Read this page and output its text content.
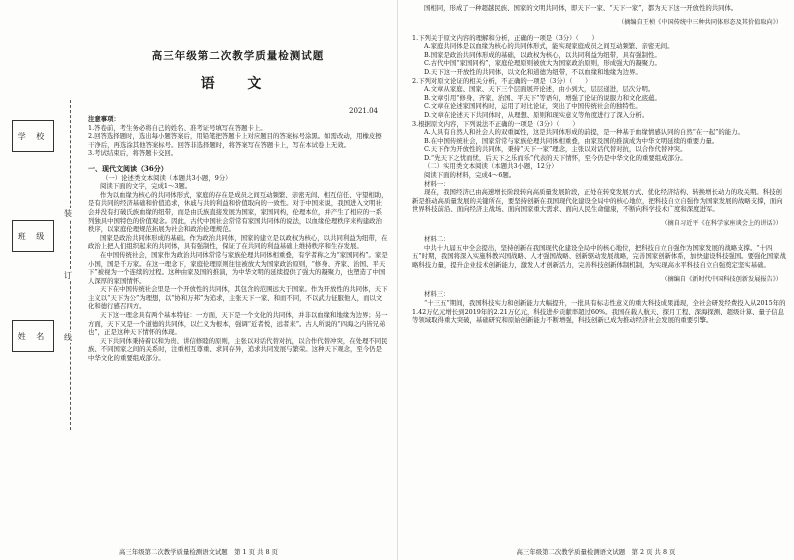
学 校
班 级
姓 名
装
订
线
高三年级第二次教学质量检测试题
语 文
2021.04

注意事项：

1.答卷前，考生务必将自己的姓名、准考证号填写在答题卡上。

2.回答选择题时，选出每小题答案后，用铅笔把答题卡上对应题目的答案标号涂黑。如需改动，用橡皮擦干净后，再选涂其他答案标号。回答非选择题时，将答案写在答题卡上，写在本试卷上无效。

3.考试结束后，将答题卡交回。

一、现代文阅读（36分）

（一）论述类文本阅读（本题共3小题，9分）

阅读下面的文字，完成1～3题。

作为以血缘为核心的共同体形式，家庭的存在是成员之间互动频繁、亲密无间、相互信任、守望相助，是有共同的经济基础和价值追求，休戚与共的利益和价值取向的一致性。对于中国来说，我国进入文明社会并没有打破氏族血缘的纽带，而是由氏族直接发展为国家，家国同构，伦理本位，并产生了相应的一系列独具中国特色的价值观念。因此，古代中国社会常常有家国共同体的说法，以血缘伦理秩序来构建政治秩序，以家庭伦理规范拓展为社会和政治伦理规范。

国家是政治共同体形成的基础。作为政治共同体，国家的建立是以政权为核心，以共同利益为纽带，在政治上把人们组织起来的共同体，具有强制性，保证了在共同的利益基础上维持秩序和生存发展。

在中国传统社会，国家作为政治共同体常常与家族伦理共同体相重叠，有学者称之为“家国同构”。家是小国，国是千万家。在这一理念下，家庭伦理原则往往被放大为国家政治原则，“修身、齐家、治国、平天下”被视为一个连续的过程。这种由家及国的推演，为中华文明的延续提供了强大的凝聚力，也塑造了中国人深厚的家国情怀。

天下在中国传统社会里是一个开放性的共同体，其包含的范围远大于国家。作为开放性的共同体，天下主义以“天下为公”为理想，以“协和万邦”为追求，主张天下一家、和而不同，不以武力征服他人，而以文化和德行感召四方。

天下这一理念具有两个基本特征：一方面，天下是一个文化的共同体，并非以血缘和地缘为边界；另一方面，天下又是一个道德的共同体，以仁义为根本，强调“近者悦，远者来”。古人所说的“四海之内皆兄弟也”，正是这种天下情怀的体现。

天下共同体秉持着以和为贵、讲信修睦的原则，主张以对话代替对抗，以合作代替冲突，在处理不同民族、不同国家之间的关系时，注重相互尊重、求同存异，追求共同发展与繁荣。这种天下观念，至今仍是中华文化的重要组成部分。

高三年级第二次教学质量检测语文试题　第 1 页 共 8 页

国相同，形成了一种超越民族、国家的文明共同体，即天下一家、“天下一家”，都为天下这一开放性的共同体。

（摘编自王桢《中国传统中三种共同体形态及其价值取向》）

1.下列关于原文内容的理解和分析，正确的一项是（3分）（　　）

A.家庭共同体是以血缘为核心的共同体形式，能实现家庭成员之间互动频繁、亲密无间。

B.国家是政治共同体形成的基础，以政权为核心，以共同利益为纽带，具有强制性。

C.古代中国“家国同构”，家庭伦理原则被放大为国家政治原则，形成强大的凝聚力。

D.天下这一开放性的共同体，以文化和道德为纽带，不以血缘和地缘为边界。

2.下列对原文论证的相关分析，不正确的一项是（3分）（　　）

A.文章从家庭、国家、天下三个层面展开论述，由小到大，层层递进，层次分明。

B.文章引用“修身、齐家、治国、平天下”等语句，增强了论证的说服力和文化底蕴。

C.文章在论述家国同构时，运用了对比论证，突出了中国传统社会的独特性。

D.文章在论述天下共同体时，从理想、原则和现实意义等角度进行了深入分析。

3.根据原文内容，下列说法不正确的一项是（3分）（　　）

A.人具有自然人和社会人的双重属性，这是共同体形成的前提，是一种基于血缘情感认同的自然“在一起”的能力。

B.在中国传统社会，国家常常与家族伦理共同体相重叠，由家及国的推演成为中华文明延续的重要力量。

C.天下作为开放性的共同体，秉持“天下一家”理念，主张以对话代替对抗，以合作代替冲突。

D.“先天下之忧而忧，后天下之乐而乐”代表的天下情怀，至今仍是中华文化的重要组成部分。

（二）实用类文本阅读（本题共3小题，12分）

阅读下面的材料，完成4～6题。

材料一：

现在，我国经济已由高速增长阶段转向高质量发展阶段，正处在转变发展方式、优化经济结构、转换增长动力的攻关期。科技创新是推动高质量发展的关键所在，要坚持创新在我国现代化建设全局中的核心地位，把科技自立自强作为国家发展的战略支撑，面向世界科技前沿、面向经济主战场、面向国家重大需求、面向人民生命健康，不断向科学技术广度和深度进军。

（摘自习近平《在科学家座谈会上的讲话》）

材料二：

中共十九届五中全会提出，坚持创新在我国现代化建设全局中的核心地位，把科技自立自强作为国家发展的战略支撑。“十四五”时期，我国将深入实施科教兴国战略、人才强国战略、创新驱动发展战略，完善国家创新体系，加快建设科技强国。要强化国家战略科技力量，提升企业技术创新能力，激发人才创新活力，完善科技创新体制机制，为实现高水平科技自立自强奠定坚实基础。

（摘编自《新时代中国科技创新发展报告》）

材料三：

“十三五”期间，我国科技实力和创新能力大幅提升，一批具有标志性意义的重大科技成果涌现，全社会研发经费投入从2015年的1.42万亿元增长到2019年的2.21万亿元，科技进步贡献率超过60%。我国在载人航天、探月工程、深海探测、超级计算、量子信息等领域取得重大突破，基础研究和原始创新能力不断增强，科技创新已成为推动经济社会发展的重要引擎。

高三年级第二次教学质量检测语文试题　第 2 页 共 8 页
